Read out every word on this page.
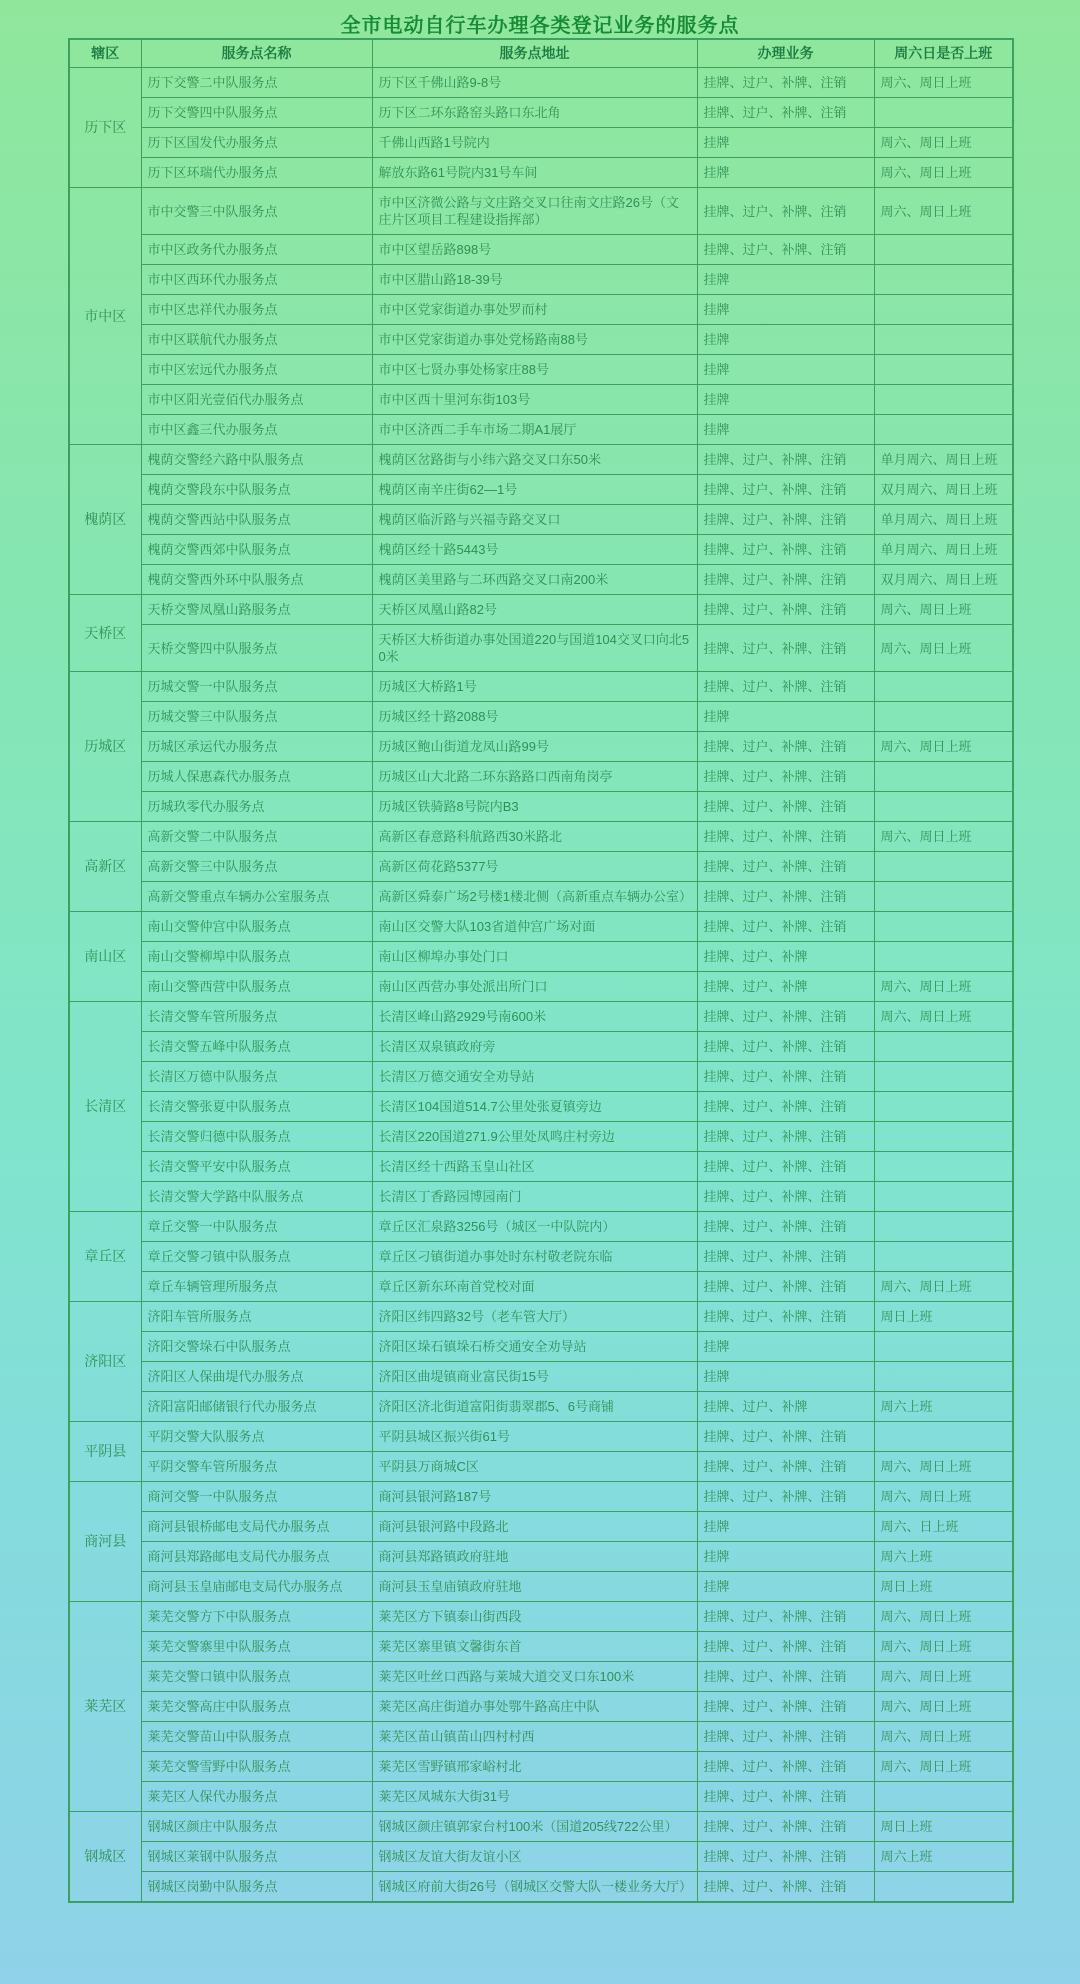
全市电动自行车办理各类登记业务的服务点
辖区	服务点名称	服务点地址	办理业务	周六日是否上班
历下区	历下交警二中队服务点	历下区千佛山路9-8号	挂牌、过户、补牌、注销	周六、周日上班
	历下交警四中队服务点	历下区二环东路窑头路口东北角	挂牌、过户、补牌、注销	
	历下区国发代办服务点	千佛山西路1号院内	挂牌	周六、周日上班
	历下区环瑞代办服务点	解放东路61号院内31号车间	挂牌	周六、周日上班
市中区	市中交警三中队服务点	市中区济微公路与文庄路交叉口往南文庄路26号（文庄片区项目工程建设指挥部）	挂牌、过户、补牌、注销	周六、周日上班
	市中区政务代办服务点	市中区望岳路898号	挂牌、过户、补牌、注销	
	市中区西环代办服务点	市中区腊山路18-39号	挂牌	
	市中区忠祥代办服务点	市中区党家街道办事处罗而村	挂牌	
	市中区联航代办服务点	市中区党家街道办事处党杨路南88号	挂牌	
	市中区宏远代办服务点	市中区七贤办事处杨家庄88号	挂牌	
	市中区阳光壹佰代办服务点	市中区西十里河东街103号	挂牌	
	市中区鑫三代办服务点	市中区济西二手车市场二期A1展厅	挂牌	
槐荫区	槐荫交警经六路中队服务点	槐荫区岔路街与小纬六路交叉口东50米	挂牌、过户、补牌、注销	单月周六、周日上班
	槐荫交警段东中队服务点	槐荫区南辛庄街62—1号	挂牌、过户、补牌、注销	双月周六、周日上班
	槐荫交警西站中队服务点	槐荫区临沂路与兴福寺路交叉口	挂牌、过户、补牌、注销	单月周六、周日上班
	槐荫交警西郊中队服务点	槐荫区经十路5443号	挂牌、过户、补牌、注销	单月周六、周日上班
	槐荫交警西外环中队服务点	槐荫区美里路与二环西路交叉口南200米	挂牌、过户、补牌、注销	双月周六、周日上班
天桥区	天桥交警凤凰山路服务点	天桥区凤凰山路82号	挂牌、过户、补牌、注销	周六、周日上班
	天桥交警四中队服务点	天桥区大桥街道办事处国道220与国道104交叉口向北50米	挂牌、过户、补牌、注销	周六、周日上班
历城区	历城交警一中队服务点	历城区大桥路1号	挂牌、过户、补牌、注销	
	历城交警三中队服务点	历城区经十路2088号	挂牌	
	历城区承运代办服务点	历城区鲍山街道龙凤山路99号	挂牌、过户、补牌、注销	周六、周日上班
	历城人保惠森代办服务点	历城区山大北路二环东路路口西南角岗亭	挂牌、过户、补牌、注销	
	历城玖零代办服务点	历城区铁骑路8号院内B3	挂牌、过户、补牌、注销	
高新区	高新交警二中队服务点	高新区春意路科航路西30米路北	挂牌、过户、补牌、注销	周六、周日上班
	高新交警三中队服务点	高新区荷花路5377号	挂牌、过户、补牌、注销	
	高新交警重点车辆办公室服务点	高新区舜泰广场2号楼1楼北侧（高新重点车辆办公室）	挂牌、过户、补牌、注销	
南山区	南山交警仲宫中队服务点	南山区交警大队103省道仲宫广场对面	挂牌、过户、补牌、注销	
	南山交警柳埠中队服务点	南山区柳埠办事处门口	挂牌、过户、补牌	
	南山交警西营中队服务点	南山区西营办事处派出所门口	挂牌、过户、补牌	周六、周日上班
长清区	长清交警车管所服务点	长清区峰山路2929号南600米	挂牌、过户、补牌、注销	周六、周日上班
	长清交警五峰中队服务点	长清区双泉镇政府旁	挂牌、过户、补牌、注销	
	长清区万德中队服务点	长清区万德交通安全劝导站	挂牌、过户、补牌、注销	
	长清交警张夏中队服务点	长清区104国道514.7公里处张夏镇旁边	挂牌、过户、补牌、注销	
	长清交警归德中队服务点	长清区220国道271.9公里处凤鸣庄村旁边	挂牌、过户、补牌、注销	
	长清交警平安中队服务点	长清区经十西路玉皇山社区	挂牌、过户、补牌、注销	
	长清交警大学路中队服务点	长清区丁香路园博园南门	挂牌、过户、补牌、注销	
章丘区	章丘交警一中队服务点	章丘区汇泉路3256号（城区一中队院内）	挂牌、过户、补牌、注销	
	章丘交警刁镇中队服务点	章丘区刁镇街道办事处时东村敬老院东临	挂牌、过户、补牌、注销	
	章丘车辆管理所服务点	章丘区新东环南首党校对面	挂牌、过户、补牌、注销	周六、周日上班
济阳区	济阳车管所服务点	济阳区纬四路32号（老车管大厅）	挂牌、过户、补牌、注销	周日上班
	济阳交警垛石中队服务点	济阳区垛石镇垛石桥交通安全劝导站	挂牌	
	济阳区人保曲堤代办服务点	济阳区曲堤镇商业富民街15号	挂牌	
	济阳富阳邮储银行代办服务点	济阳区济北街道富阳街翡翠郡5、6号商铺	挂牌、过户、补牌	周六上班
平阴县	平阴交警大队服务点	平阴县城区振兴街61号	挂牌、过户、补牌、注销	
	平阴交警车管所服务点	平阴县万商城C区	挂牌、过户、补牌、注销	周六、周日上班
商河县	商河交警一中队服务点	商河县银河路187号	挂牌、过户、补牌、注销	周六、周日上班
	商河县银桥邮电支局代办服务点	商河县银河路中段路北	挂牌	周六、日上班
	商河县郑路邮电支局代办服务点	商河县郑路镇政府驻地	挂牌	周六上班
	商河县玉皇庙邮电支局代办服务点	商河县玉皇庙镇政府驻地	挂牌	周日上班
莱芜区	莱芜交警方下中队服务点	莱芜区方下镇泰山街西段	挂牌、过户、补牌、注销	周六、周日上班
	莱芜交警寨里中队服务点	莱芜区寨里镇文馨街东首	挂牌、过户、补牌、注销	周六、周日上班
	莱芜交警口镇中队服务点	莱芜区吐丝口西路与莱城大道交叉口东100米	挂牌、过户、补牌、注销	周六、周日上班
	莱芜交警高庄中队服务点	莱芜区高庄街道办事处鄂牛路高庄中队	挂牌、过户、补牌、注销	周六、周日上班
	莱芜交警苗山中队服务点	莱芜区苗山镇苗山四村村西	挂牌、过户、补牌、注销	周六、周日上班
	莱芜交警雪野中队服务点	莱芜区雪野镇邢家峪村北	挂牌、过户、补牌、注销	周六、周日上班
	莱芜区人保代办服务点	莱芜区凤城东大街31号	挂牌、过户、补牌、注销	
钢城区	钢城区颜庄中队服务点	钢城区颜庄镇郭家台村100米（国道205线722公里）	挂牌、过户、补牌、注销	周日上班
	钢城区莱钢中队服务点	钢城区友谊大街友谊小区	挂牌、过户、补牌、注销	周六上班
	钢城区岗勤中队服务点	钢城区府前大街26号（钢城区交警大队一楼业务大厅）	挂牌、过户、补牌、注销	
